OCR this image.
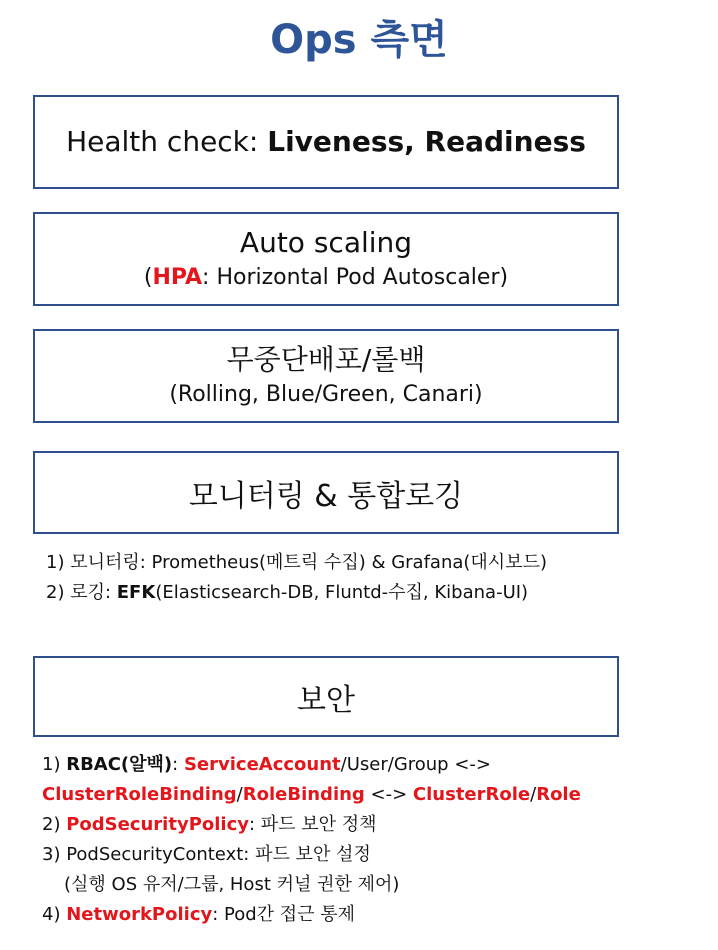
Ops 측면
Health check: Liveness, Readiness
Auto scaling
(HPA: Horizontal Pod Autoscaler)
무중단배포/롤백
(Rolling, Blue/Green, Canari)
모니터링 & 통합로깅
1) 모니터링: Prometheus(메트릭 수집) & Grafana(대시보드)
2) 로깅: EFK(Elasticsearch-DB, Fluntd-수집, Kibana-UI)
보안
1) RBAC(알백): ServiceAccount/User/Group <->
ClusterRoleBinding/RoleBinding <-> ClusterRole/Role
2) PodSecurityPolicy: 파드 보안 정책
3) PodSecurityContext: 파드 보안 설정
(실행 OS 유저/그룹, Host 커널 권한 제어)
4) NetworkPolicy: Pod간 접근 통제
